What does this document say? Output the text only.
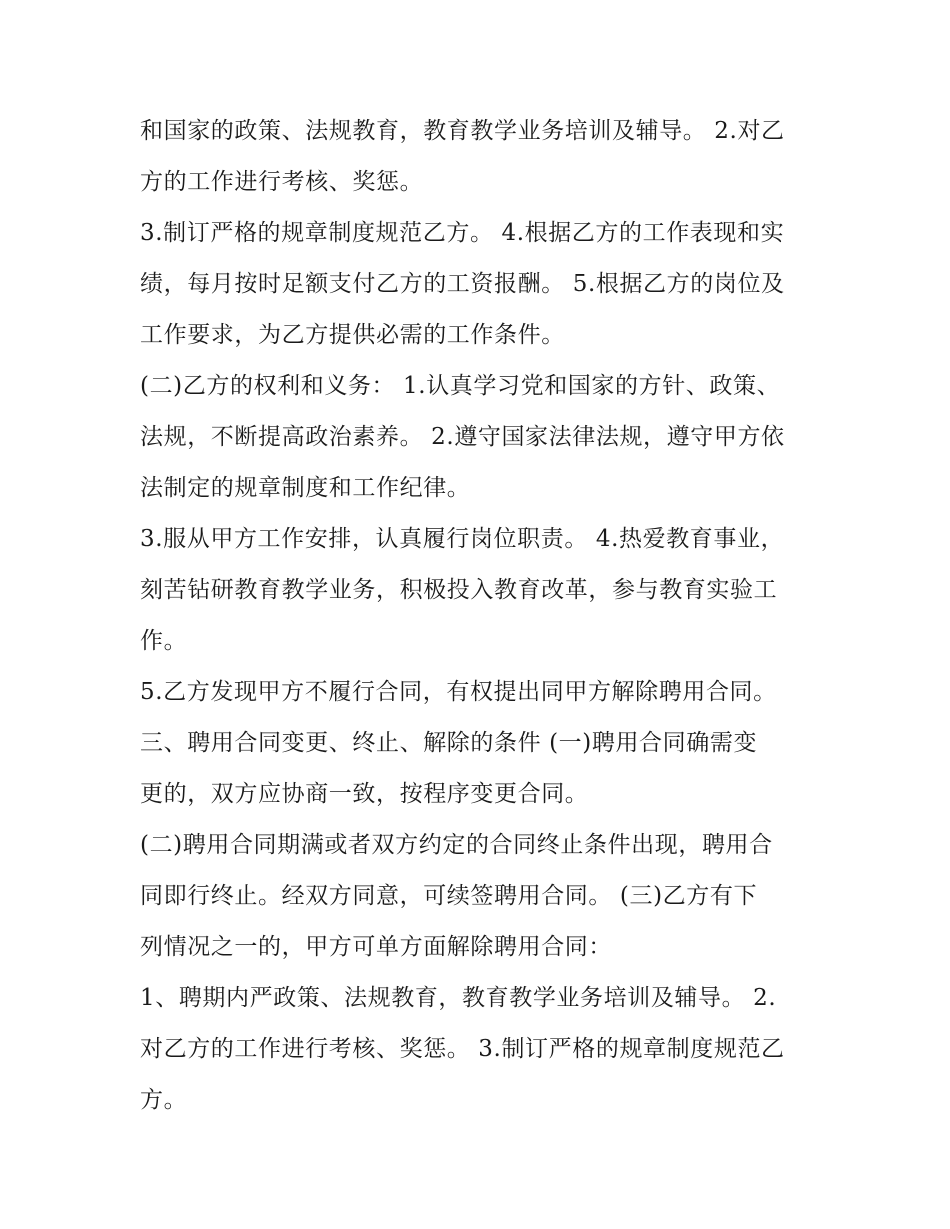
和国家的政策、法规教育，教育教学业务培训及辅导。 2.对乙
方的工作进行考核、奖惩。

3.制订严格的规章制度规范乙方。 4.根据乙方的工作表现和实
绩，每月按时足额支付乙方的工资报酬。 5.根据乙方的岗位及
工作要求，为乙方提供必需的工作条件。

(二)乙方的权利和义务： 1.认真学习党和国家的方针、政策、
法规，不断提高政治素养。 2.遵守国家法律法规，遵守甲方依
法制定的规章制度和工作纪律。

3.服从甲方工作安排，认真履行岗位职责。 4.热爱教育事业，
刻苦钻研教育教学业务，积极投入教育改革，参与教育实验工
作。

5.乙方发现甲方不履行合同，有权提出同甲方解除聘用合同。

三、聘用合同变更、终止、解除的条件 (一)聘用合同确需变
更的，双方应协商一致，按程序变更合同。

(二)聘用合同期满或者双方约定的合同终止条件出现，聘用合
同即行终止。经双方同意，可续签聘用合同。 (三)乙方有下
列情况之一的，甲方可单方面解除聘用合同：

1、聘期内严政策、法规教育，教育教学业务培训及辅导。 2.
对乙方的工作进行考核、奖惩。 3.制订严格的规章制度规范乙
方。
